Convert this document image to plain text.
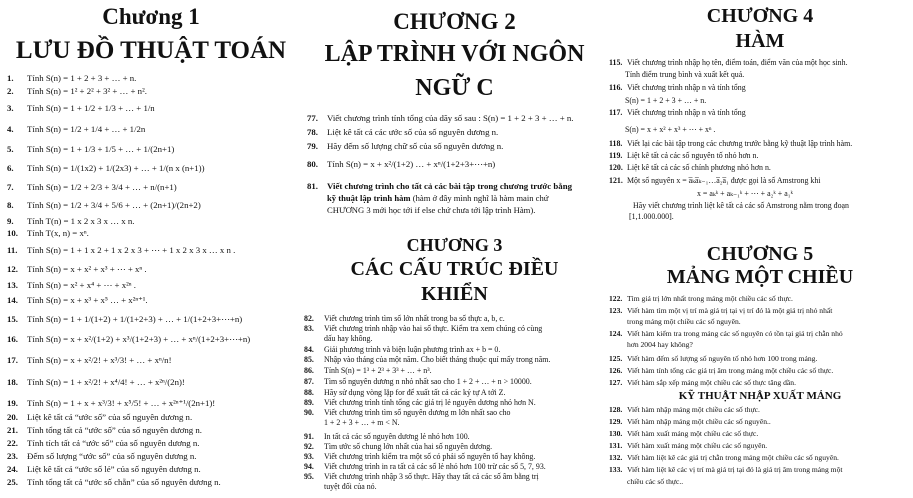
Chương 1
LƯU ĐỒ THUẬT TOÁN
1. Tính S(n) = 1 + 2 + 3 + … + n.
2. Tính S(n) = 1² + 2² + 3² + … + n².
3. Tính S(n) = 1 + 1/2 + 1/3 + … + 1/n
4. Tính S(n) = 1/2 + 1/4 + … + 1/2n
5. Tính S(n) = 1 + 1/3 + 1/5 + … + 1/(2n+1)
6. Tính S(n) = 1/(1x2) + 1/(2x3) + … + 1/(n x (n+1))
7. Tính S(n) = 1/2 + 2/3 + 3/4 + … + n/(n+1)
8. Tính S(n) = 1/2 + 3/4 + 5/6 + … + (2n+1)/(2n+2)
9. Tính T(n) = 1 x 2 x 3 x … x n.
10. Tính T(x, n) = xⁿ.
11. Tính S(n) = 1 + 1 x 2 + 1 x 2 x 3 + ⋯ + 1 x 2 x 3 x … x n .
12. Tính S(n) = x + x² + x³ + ⋯ + xⁿ .
13. Tính S(n) = x² + x⁴ + ⋯ + x²ⁿ .
14. Tính S(n) = x + x³ + x⁵ … + x²ⁿ⁺¹.
15. Tính S(n) = 1 + 1/(1+2) + 1/(1+2+3) + … + 1/(1+2+3+⋯+n)
16. Tính S(n) = x + x²/(1+2) + x³/(1+2+3) + … + xⁿ/(1+2+3+⋯+n)
17. Tính S(n) = x + x²/2! + x³/3! + … + xⁿ/n!
18. Tính S(n) = 1 + x²/2! + x⁴/4! + … + x²ⁿ/(2n)!
19. Tính S(n) = 1 + x + x³/3! + x⁵/5! + … + x²ⁿ⁺¹/(2n+1)!
20. Liệt kê tất cả “ước số” của số nguyên dương n.
21. Tính tổng tất cả “ước số” của số nguyên dương n.
22. Tính tích tất cả “ước số” của số nguyên dương n.
23. Đếm số lượng “ước số” của số nguyên dương n.
24. Liệt kê tất cả “ước số lẻ” của số nguyên dương n.
25. Tính tổng tất cả “ước số chẵn” của số nguyên dương n.
CHƯƠNG 2
LẬP TRÌNH VỚI NGÔN
NGỮ C
77. Viết chương trình tính tổng của dãy số sau : S(n) = 1 + 2 + 3 + … + n.
78. Liệt kê tất cả các ước số của số nguyên dương n.
79. Hãy đếm số lượng chữ số của số nguyên dương n.
80. Tính S(n) = x + x²/(1+2) … + xⁿ/(1+2+3+⋯+n)
81. Viết chương trình cho tất cả các bài tập trong chương trước bằng
kỹ thuật lập trình hàm (hàm ở đây mình nghĩ là hàm main chứ
CHƯƠNG 3 mới học tới if else chứ chưa tới lập trình Hàm).
CHƯƠNG 3
CÁC CẤU TRÚC ĐIỀU
KHIỂN
82. Viết chương trình tìm số lớn nhất trong ba số thực a, b, c.
83. Viết chương trình nhập vào hai số thực. Kiểm tra xem chúng có cùng
dấu hay không.
84. Giải phương trình và biện luận phương trình ax + b = 0.
85. Nhập vào tháng của một năm. Cho biết tháng thuộc quí mấy trong năm.
86. Tính S(n) = 1³ + 2³ + 3³ + … + n³.
87. Tìm số nguyên dương n nhỏ nhất sao cho 1 + 2 + … + n > 10000.
88. Hãy sử dụng vòng lặp for để xuất tất cả các ký tự A tới Z.
89. Viết chương trình tính tổng các giá trị lẻ nguyên dương nhỏ hơn N.
90. Viết chương trình tìm số nguyên dương m lớn nhất sao cho
1 + 2 + 3 + … + m < N.
91. In tất cả các số nguyên dương lẻ nhỏ hơn 100.
92. Tìm ước số chung lớn nhất của hai số nguyên dương.
93. Viết chương trình kiểm tra một số có phải số nguyên tố hay không.
94. Viết chương trình in ra tất cả các số lẻ nhỏ hơn 100 trừ các số 5, 7, 93.
95. Viết chương trình nhập 3 số thực. Hãy thay tất cả các số âm bằng trị
tuyệt đối của nó.
CHƯƠNG 4
HÀM
115. Viết chương trình nhập họ tên, điểm toán, điểm văn của một học sinh.
Tính điểm trung bình và xuất kết quả.
116. Viết chương trình nhập n và tính tổng
S(n) = 1 + 2 + 3 + … + n.
117. Viết chương trình nhập n và tính tổng
S(n) = x + x² + x³ + ⋯ + xⁿ .
118. Viết lại các bài tập trong các chương trước bằng kỹ thuật lập trình hàm.
119. Liệt kê tất cả các số nguyên tố nhỏ hơn n.
120. Liệt kê tất cả các số chính phương nhỏ hơn n.
121. Một số nguyên x = a̅ₖa̅ₖ₋₁…a̅₂a̅₁ được gọi là số Amstrong khi
x = aₖᵏ + aₖ₋₁ᵏ + ⋯ + a₂ᵏ + a₁ᵏ
Hãy viết chương trình liệt kê tất cả các số Amstrong nằm trong đoạn
[1,1.000.000].
CHƯƠNG 5
MẢNG MỘT CHIỀU
122. Tìm giá trị lớn nhất trong mảng một chiều các số thực.
123. Viết hàm tìm một vị trí mà giá trị tại vị trí đó là một giá trị nhỏ nhất
trong mảng một chiều các số nguyên.
124. Viết hàm kiểm tra trong mảng các số nguyên có tồn tại giá trị chẵn nhỏ
hơn 2004 hay không?
125. Viết hàm đếm số lượng số nguyên tố nhỏ hơn 100 trong mảng.
126. Viết hàm tính tổng các giá trị âm trong mảng một chiều các số thực.
127. Viết hàm sắp xếp mảng một chiều các số thực tăng dần.
KỸ THUẬT NHẬP XUẤT MẢNG
128. Viết hàm nhập mảng một chiều các số thực.
129. Viết hàm nhập mảng một chiều các số nguyên..
130. Viết hàm xuất mảng một chiều các số thực.
131. Viết hàm xuất mảng một chiều các số nguyên.
132. Viết hàm liệt kê các giá trị chẵn trong mảng một chiều các số nguyên.
133. Viết hàm liệt kê các vị trí mà giá trị tại đó là giá trị âm trong mảng một
chiều các số thực..
